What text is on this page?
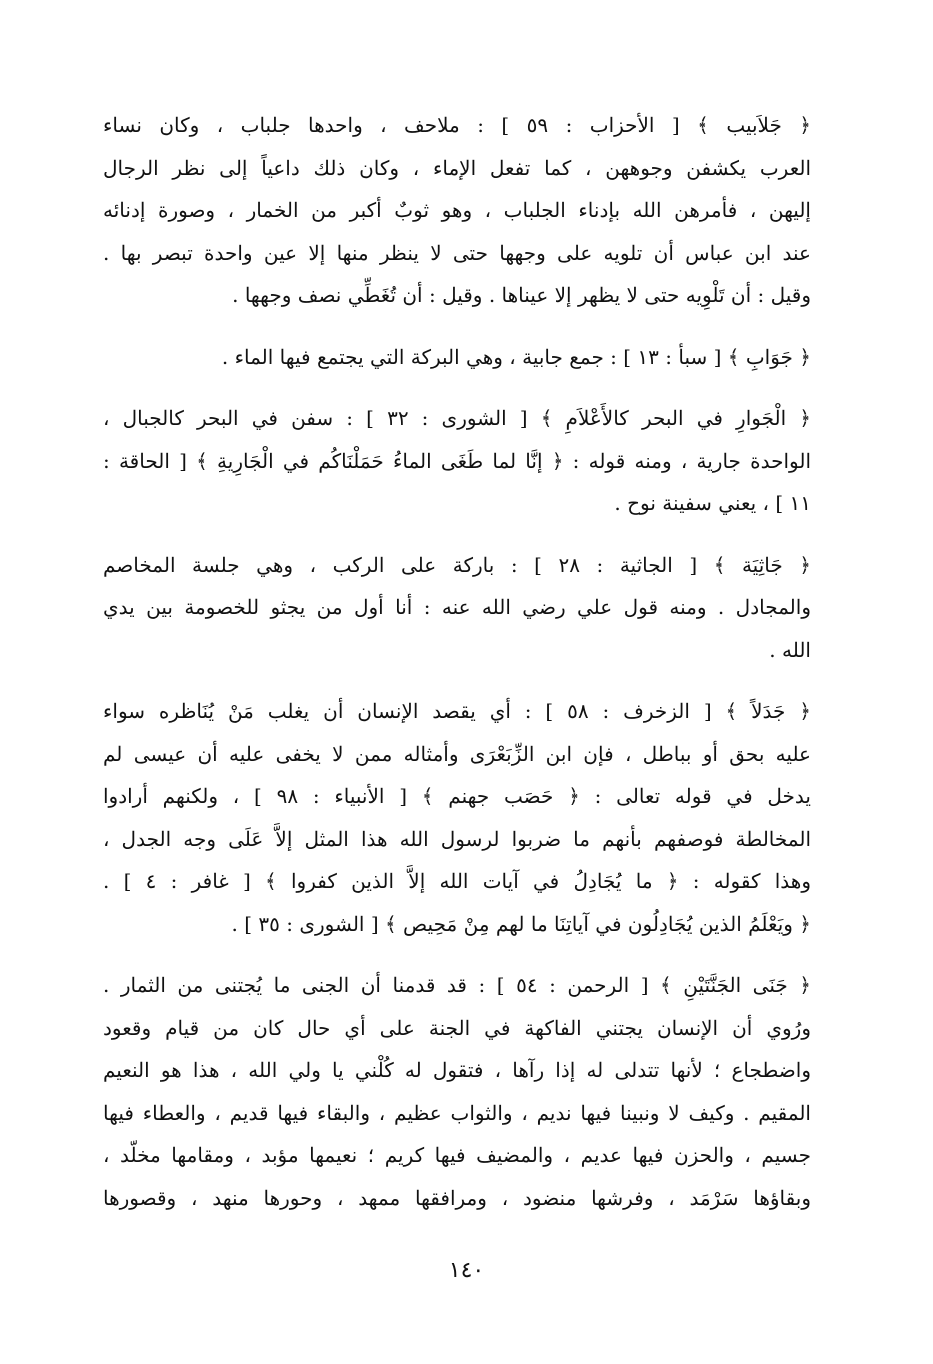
﴿ جَلاَبيب ﴾ [ الأحزاب : ٥٩ ] : ملاحف ، واحدها جلباب ، وكان نساء
العرب يكشفن وجوههن ، كما تفعل الإماء ، وكان ذلك داعياً إلى نظر الرجال
إليهن ، فأمرهن الله بإدناء الجلباب ، وهو ثوبٌ أكبر من الخمار ، وصورة إدنائه
عند ابن عباس أن تلويه على وجهها حتى لا ينظر منها إلا عين واحدة تبصر بها .
وقيل : أن تَلْوِيه حتى لا يظهر إلا عيناها . وقيل : أن تُغَطِّي نصف وجهها .
﴿ جَوَابِ ﴾ [ سبأ : ١٣ ] : جمع جابية ، وهي البركة التي يجتمع فيها الماء .
﴿ الْجَوارِ في البحر كالأَعْلاَمِ ﴾ [ الشورى : ٣٢ ] : سفن في البحر كالجبال ،
الواحدة جارية ، ومنه قوله : ﴿ إنَّا لما طَغَى الماءُ حَمَلْنَاكُم في الْجَارِيةِ ﴾ [ الحاقة :
١١ ] ، يعني سفينة نوح .
﴿ جَاثِيَة ﴾ [ الجاثية : ٢٨ ] : باركة على الركب ، وهي جلسة المخاصم
والمجادل . ومنه قول علي رضي الله عنه : أنا أول من يجثو للخصومة بين يدي
الله .
﴿ جَدَلاً ﴾ [ الزخرف : ٥٨ ] : أي يقصد الإنسان أن يغلب مَنْ يُنَاظره سواء
عليه بحق أو بباطل ، فإن ابن الزِّبَعْرَى وأمثاله ممن لا يخفى عليه أن عيسى لم
يدخل في قوله تعالى : ﴿ حَصَب جهنم ﴾ [ الأنبياء : ٩٨ ] ، ولكنهم أرادوا
المخالطة فوصفهم بأنهم ما ضربوا لرسول الله هذا المثل إلاَّ عَلَى وجه الجدل ،
وهذا كقوله : ﴿ ما يُجَادِلُ في آيات الله إلاَّ الذين كفروا ﴾ [ غافر : ٤ ] .
﴿ ويَعْلَمُ الذين يُجَادِلُون في آياتِنَا ما لهم مِنْ مَحِيص ﴾ [ الشورى : ٣٥ ] .
﴿ جَنَى الجَنَّتَيْنِ ﴾ [ الرحمن : ٥٤ ] : قد قدمنا أن الجنى ما يُجتنى من الثمار .
ورُوي أن الإنسان يجتني الفاكهة في الجنة على أي حال كان من قيام وقعود
واضطجاع ؛ لأنها تتدلى له إذا رآها ، فتقول له كُلْني يا ولي الله ، هذا هو النعيم
المقيم . وكيف لا ونبينا فيها نديم ، والثواب عظيم ، والبقاء فيها قديم ، والعطاء فيها
جسيم ، والحزن فيها عديم ، والمضيف فيها كريم ؛ نعيمها مؤبد ، ومقامها مخلّد ،
وبقاؤها سَرْمَد ، وفرشها منضود ، ومرافقها ممهد ، وحورها منهد ، وقصورها
١٤٠
